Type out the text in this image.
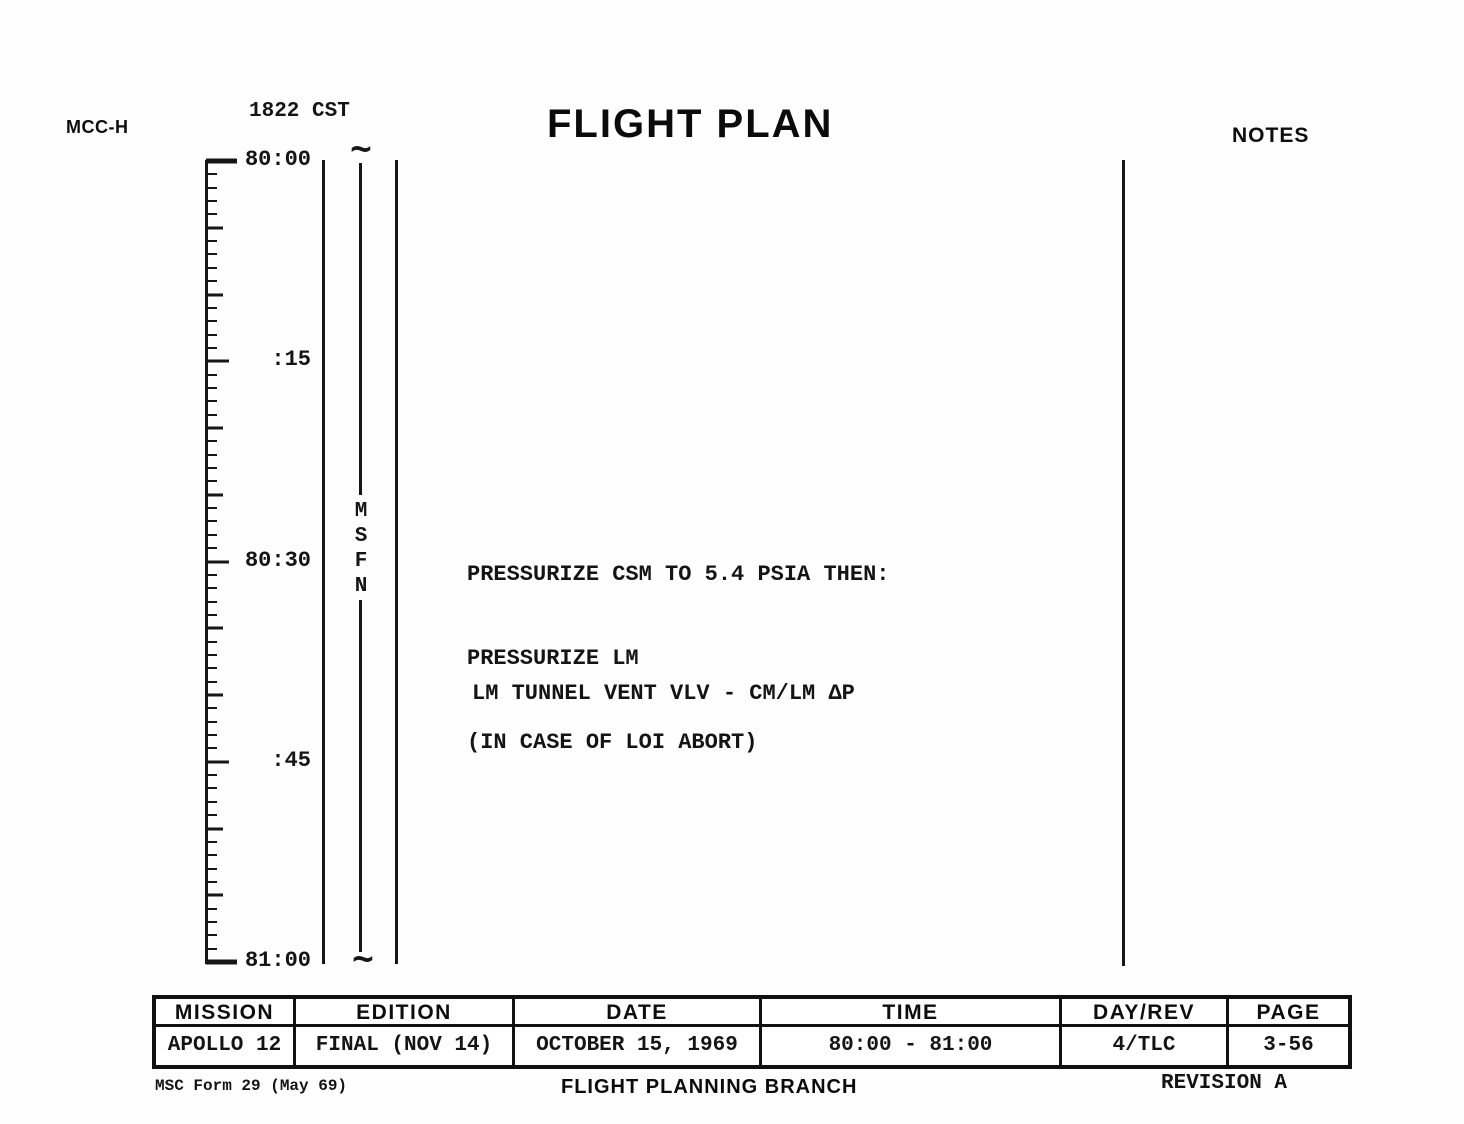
MCC-H
1822 CST	FLIGHT PLAN	NOTES
80:00
:15
80:30
:45
81:00
~
~
MSFN

	PRESSURIZE CSM TO 5.4 PSIA THEN:

PRESSURIZE LM

(IN CASE OF LOI ABORT)

LM TUNNEL VENT VLV - CM/LM ΔP

MISSION	EDITION	DATE	TIME	DAY/REV	PAGE
APOLLO 12	FINAL (NOV 14)	OCTOBER 15, 1969	80:00 - 81:00	4/TLC	3-56
MSC Form 29 (May 69)	FLIGHT PLANNING BRANCH	REVISION A
